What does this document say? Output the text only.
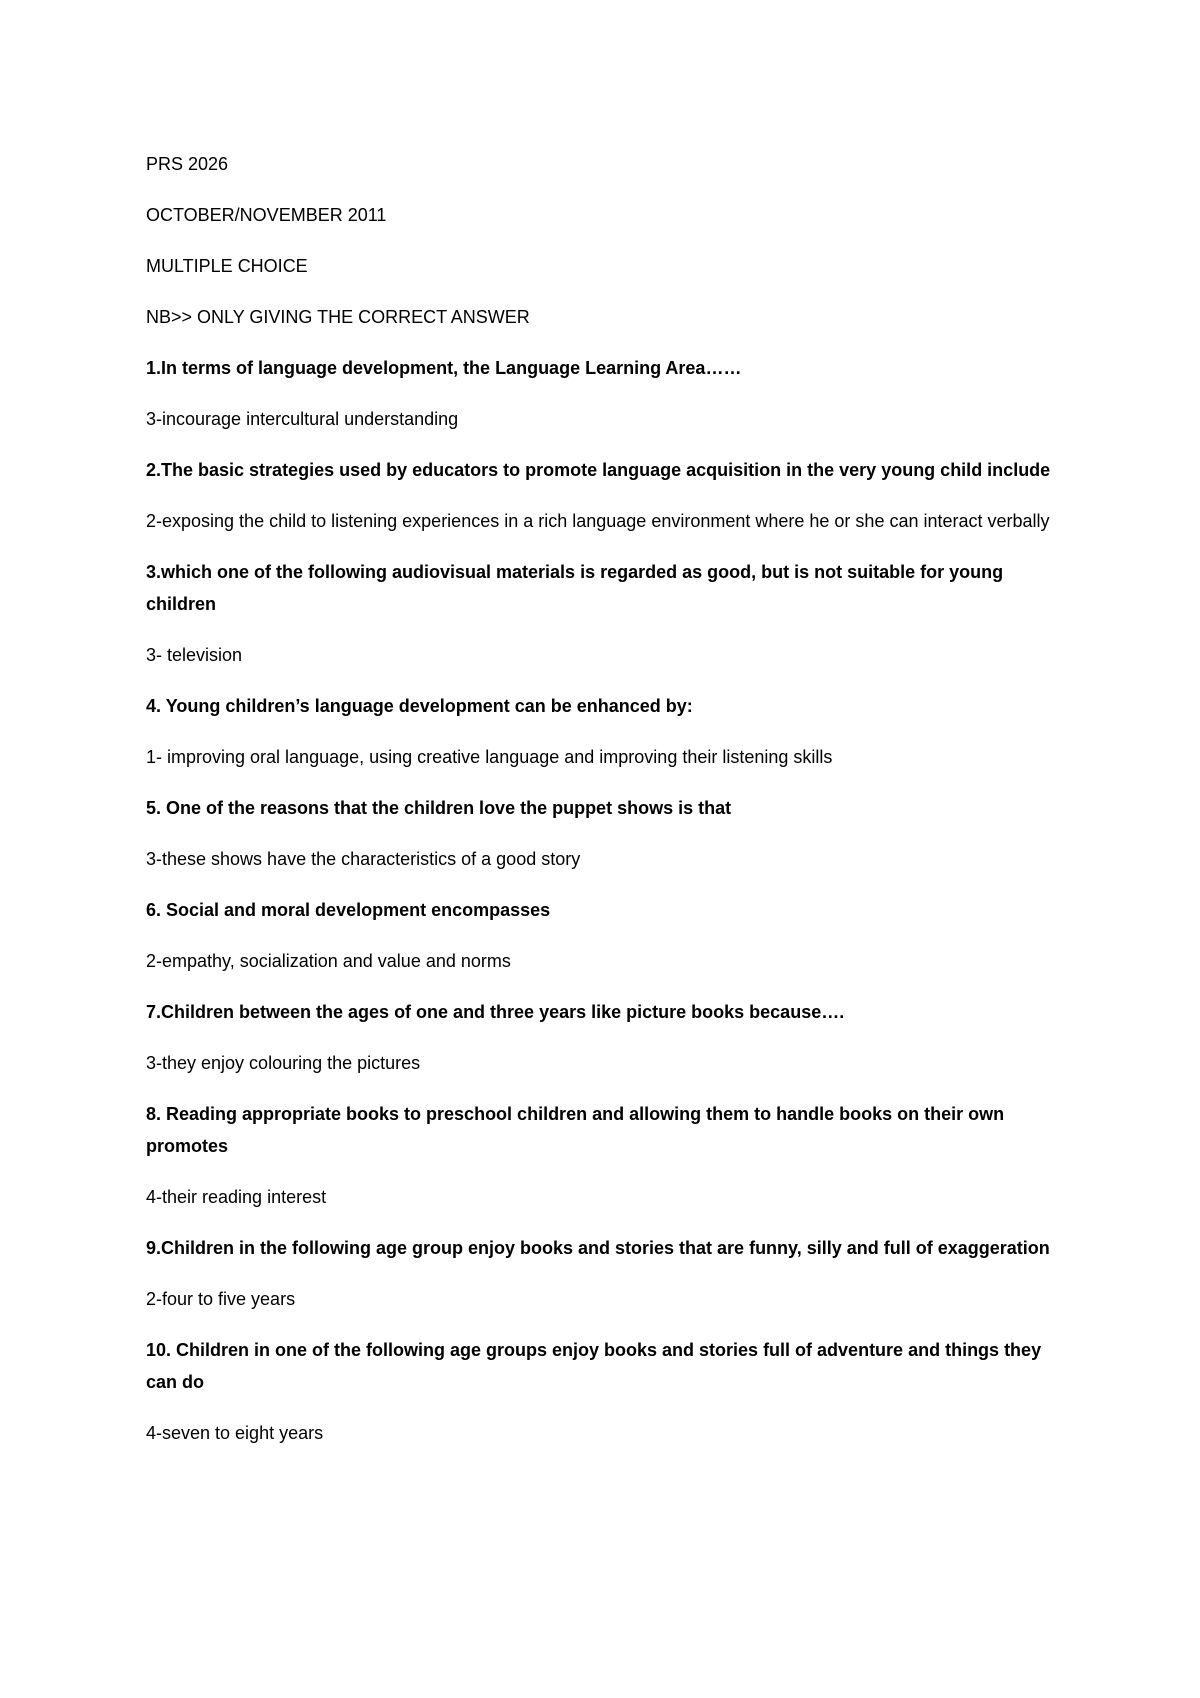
PRS 2026

OCTOBER/NOVEMBER 2011

MULTIPLE CHOICE

NB>> ONLY GIVING THE CORRECT ANSWER

1.In terms of language development, the Language Learning Area……

3-incourage intercultural understanding

2.The basic strategies used by educators to promote language acquisition in the very young child include

2-exposing the child to listening experiences in a rich language environment where he or she can interact verbally

3.which one of the following audiovisual materials is regarded as good, but is not suitable for young children

3- television

4. Young children’s language development can be enhanced by:

1- improving oral language, using creative language and improving their listening skills

5. One of the reasons that the children love the puppet shows is that

3-these shows have the characteristics of a good story

6. Social and moral development encompasses

2-empathy, socialization and value and norms

7.Children between the ages of one and three years like picture books because….

3-they enjoy colouring the pictures

8. Reading appropriate books to preschool children and allowing them to handle books on their own promotes

4-their reading interest

9.Children in the following age group enjoy books and stories that are funny, silly and full of exaggeration

2-four to five years

10. Children in one of the following age groups enjoy books and stories full of adventure and things they can do

4-seven to eight years
